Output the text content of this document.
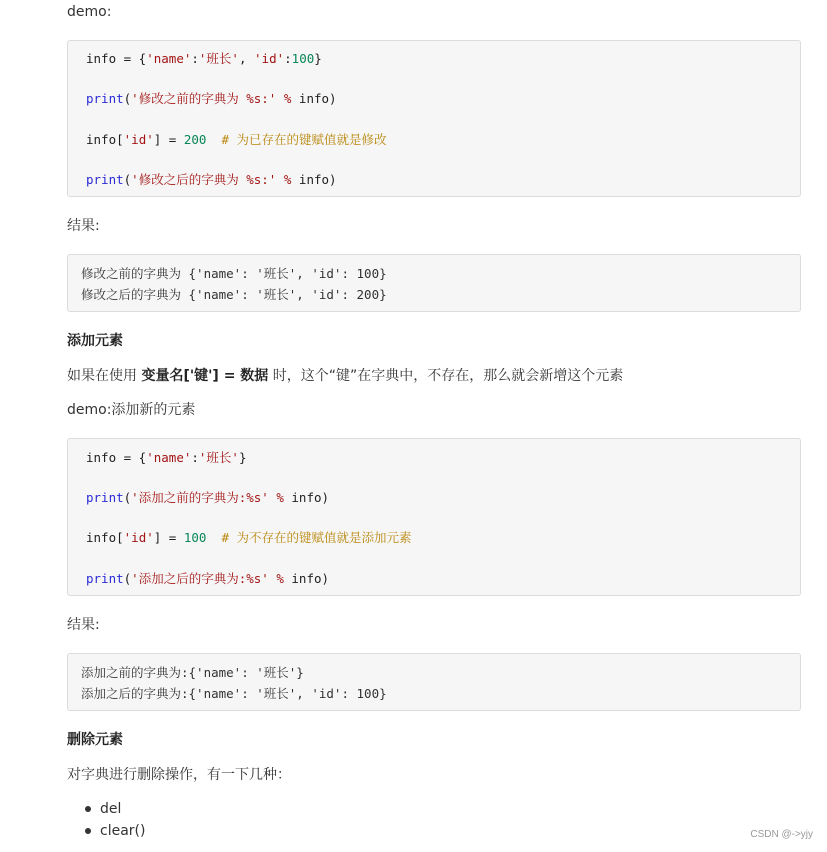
demo:

info = {'name':'班长', 'id':100}
print('修改之前的字典为 %s:' % info)
info['id'] = 200 # 为已存在的键赋值就是修改
print('修改之后的字典为 %s:' % info)

结果:

修改之前的字典为 {'name': '班长', 'id': 100}
修改之后的字典为 {'name': '班长', 'id': 200}

添加元素

如果在使用 变量名['键'] = 数据 时，这个“键”在字典中，不存在，那么就会新增这个元素

demo:添加新的元素

info = {'name':'班长'}
print('添加之前的字典为:%s' % info)
info['id'] = 100 # 为不存在的键赋值就是添加元素
print('添加之后的字典为:%s' % info)

结果:

添加之前的字典为:{'name': '班长'}
添加之后的字典为:{'name': '班长', 'id': 100}

删除元素

对字典进行删除操作，有一下几种：

del
clear()	CSDN @->yjy
